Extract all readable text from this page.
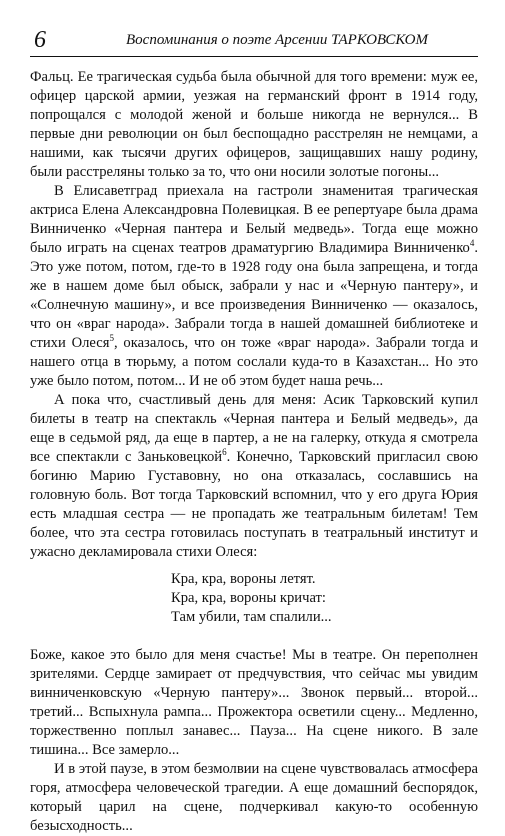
6	Воспоминания о поэте Арсении ТАРКОВСКОМ

Фальц. Ее трагическая судьба была обычной для того времени: муж ее, офицер царской армии, уезжая на германский фронт в 1914 году, попрощался с молодой женой и больше никогда не вернулся... В первые дни революции он был беспощадно расстрелян не немцами, а нашими, как тысячи других офицеров, защищавших нашу родину, были расстреляны только за то, что они носили золотые погоны...

В Елисаветград приехала на гастроли знаменитая трагическая актриса Елена Александровна Полевицкая. В ее репертуаре была драма Винниченко «Черная пантера и Белый медведь». Тогда еще можно было играть на сценах театров драматургию Владимира Винниченко$^4$. Это уже потом, потом, где-то в 1928 году она была запрещена, и тогда же в нашем доме был обыск, забрали у нас и «Черную пантеру», и «Солнечную машину», и все произведения Винниченко — оказалось, что он «враг народа». Забрали тогда в нашей домашней библиотеке и стихи Олеся$^5$, оказалось, что он тоже «враг народа». Забрали тогда и нашего отца в тюрьму, а потом сослали куда-то в Казахстан... Но это уже было потом, потом... И не об этом будет наша речь...

А пока что, счастливый день для меня: Асик Тарковский купил билеты в театр на спектакль «Черная пантера и Белый медведь», да еще в седьмой ряд, да еще в партер, а не на галерку, откуда я смотрела все спектакли с Заньковецкой$^6$. Конечно, Тарковский пригласил свою богиню Марию Густавовну, но она отказалась, сославшись на головную боль. Вот тогда Тарковский вспомнил, что у его друга Юрия есть младшая сестра — не пропадать же театральным билетам! Тем более, что эта сестра готовилась поступать в театральный институт и ужасно декламировала стихи Олеся:

Кра, кра, вороны летят.
Кра, кра, вороны кричат:
Там убили, там спалили...

Боже, какое это было для меня счастье! Мы в театре. Он переполнен зрителями. Сердце замирает от предчувствия, что сейчас мы увидим винниченковскую «Черную пантеру»... Звонок первый... второй... третий... Вспыхнула рампа... Прожектора осветили сцену... Медленно, торжественно поплыл занавес... Пауза... На сцене никого. В зале тишина... Все замерло...

И в этой паузе, в этом безмолвии на сцене чувствовалась атмосфера горя, атмосфера человеческой трагедии. А еще домашний беспорядок, который царил на сцене, подчеркивал какую-то особенную безысходность...
